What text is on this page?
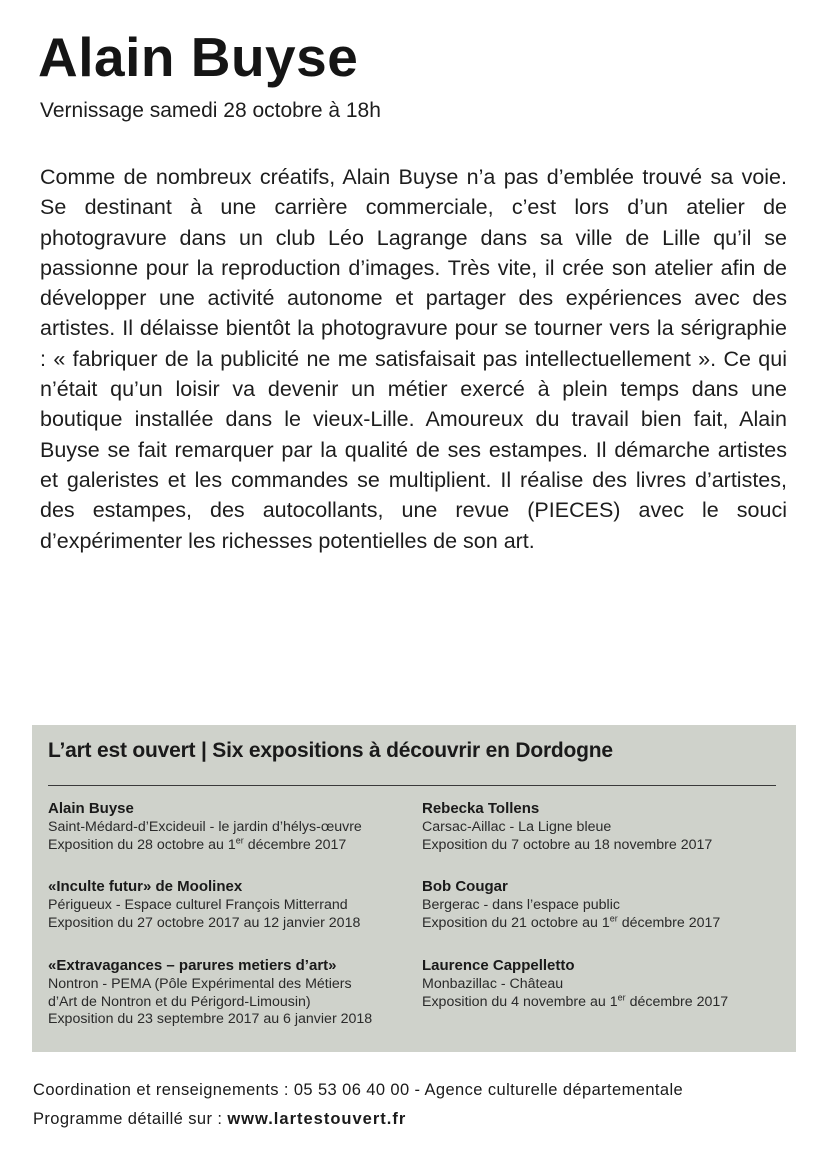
Alain Buyse
Vernissage samedi 28 octobre à 18h

Comme de nombreux créatifs, Alain Buyse n’a pas d’emblée trouvé sa voie. Se destinant à une carrière commerciale, c’est lors d’un atelier de photogravure dans un club Léo Lagrange dans sa ville de Lille qu’il se passionne pour la reproduction d’images. Très vite, il crée son atelier afin de développer une activité autonome et partager des expériences avec des artistes. Il délaisse bientôt la photogravure pour se tourner vers la sérigraphie : « fabriquer de la publicité ne me satisfaisait pas intellectuellement ». Ce qui n’était qu’un loisir va devenir un métier exercé à plein temps dans une boutique installée dans le vieux-Lille. Amoureux du travail bien fait, Alain Buyse se fait remarquer par la qualité de ses estampes. Il démarche artistes et galeristes et les commandes se multiplient. Il réalise des livres d’artistes, des estampes, des autocollants, une revue (PIECES) avec le souci d’expérimenter les richesses potentielles de son art.

L’art est ouvert | Six expositions à découvrir en Dordogne
Alain Buyse
Saint-Médard-d’Excideuil - le jardin d’hélys-œuvre
Exposition du 28 octobre au 1er décembre 2017
Rebecka Tollens
Carsac-Aillac - La Ligne bleue
Exposition du 7 octobre au 18 novembre 2017
«Inculte futur» de Moolinex
Périgueux - Espace culturel François Mitterrand
Exposition du 27 octobre 2017 au 12 janvier 2018
Bob Cougar
Bergerac - dans l’espace public
Exposition du 21 octobre au 1er décembre 2017
«Extravagances – parures metiers d’art»
Nontron - PEMA (Pôle Expérimental des Métiers
d’Art de Nontron et du Périgord-Limousin)
Exposition du 23 septembre 2017 au 6 janvier 2018
Laurence Cappelletto
Monbazillac - Château
Exposition du 4 novembre au 1er décembre 2017
Coordination et renseignements : 05 53 06 40 00 - Agence culturelle départementale
Programme détaillé sur : www.lartestouvert.fr
